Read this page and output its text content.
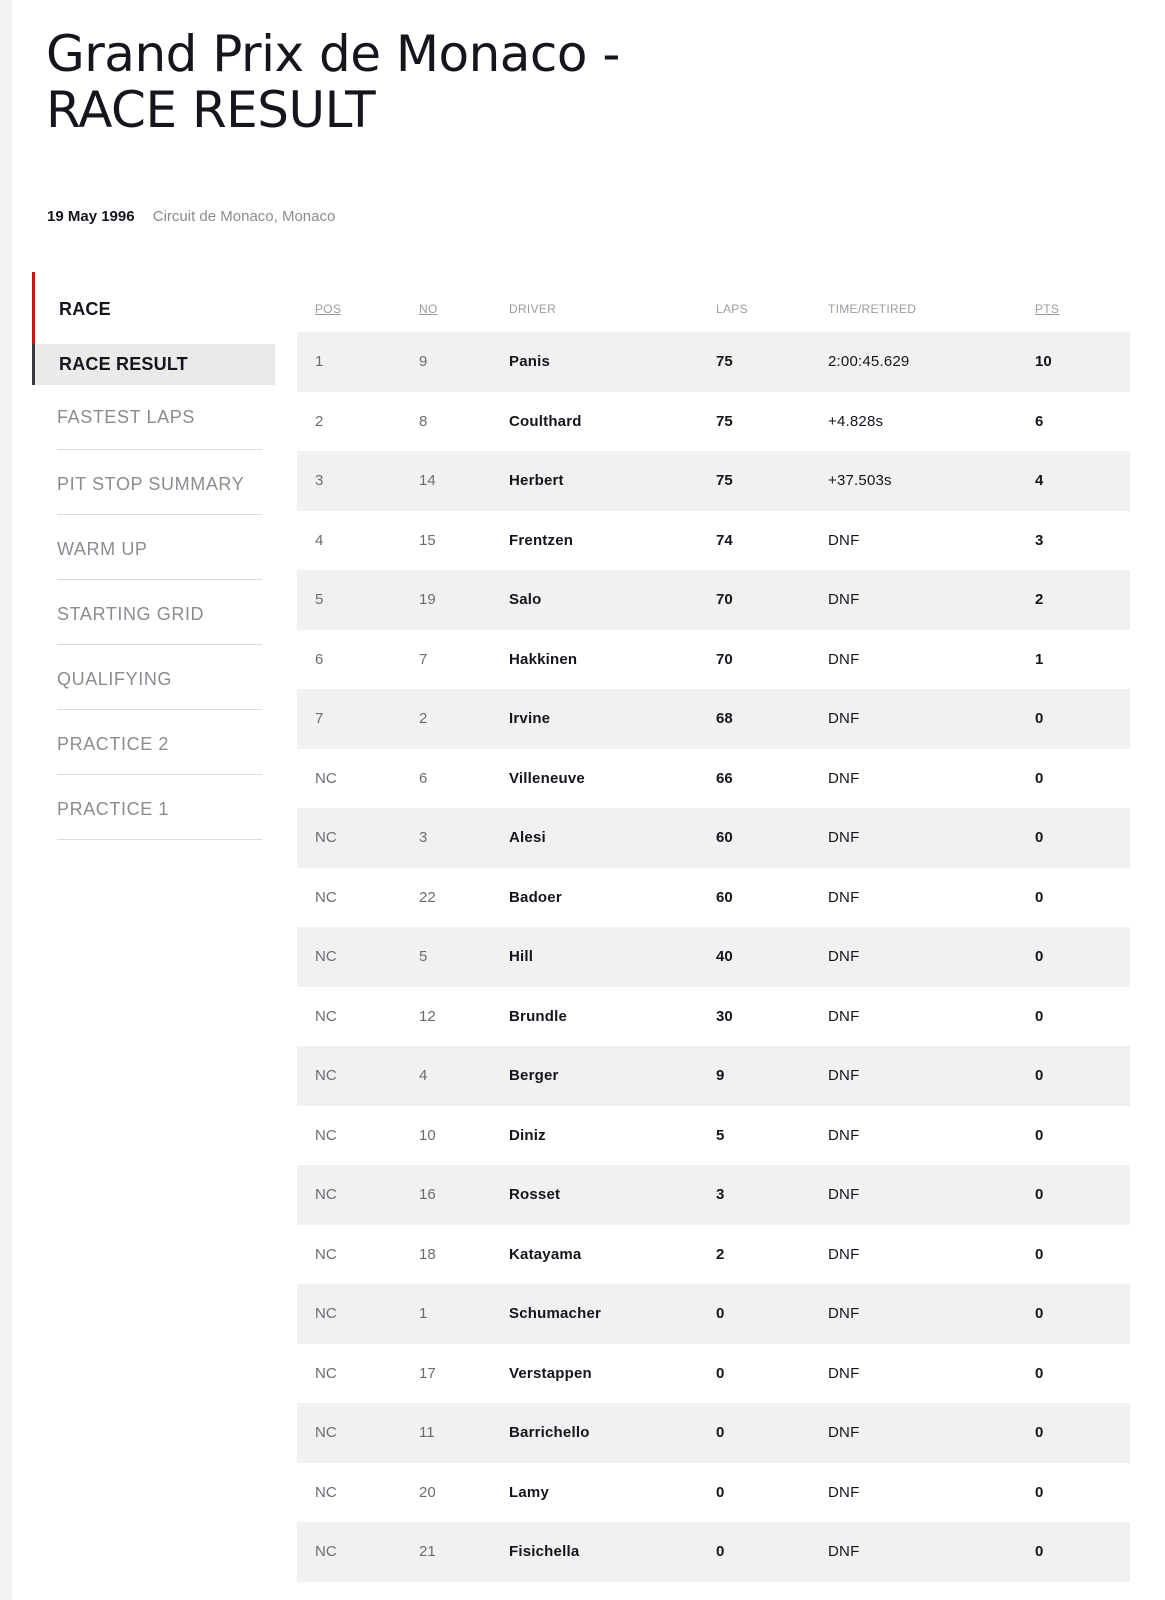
Grand Prix de Monaco -
RACE RESULT
19 May 1996 Circuit de Monaco, Monaco
RACE
RACE RESULT
FASTEST LAPS
PIT STOP SUMMARY
WARM UP
STARTING GRID
QUALIFYING
PRACTICE 2
PRACTICE 1
POS	NO	DRIVER	LAPS	TIME/RETIRED	PTS
1	9	Panis	75	2:00:45.629	10
2	8	Coulthard	75	+4.828s	6
3	14	Herbert	75	+37.503s	4
4	15	Frentzen	74	DNF	3
5	19	Salo	70	DNF	2
6	7	Hakkinen	70	DNF	1
7	2	Irvine	68	DNF	0
NC	6	Villeneuve	66	DNF	0
NC	3	Alesi	60	DNF	0
NC	22	Badoer	60	DNF	0
NC	5	Hill	40	DNF	0
NC	12	Brundle	30	DNF	0
NC	4	Berger	9	DNF	0
NC	10	Diniz	5	DNF	0
NC	16	Rosset	3	DNF	0
NC	18	Katayama	2	DNF	0
NC	1	Schumacher	0	DNF	0
NC	17	Verstappen	0	DNF	0
NC	11	Barrichello	0	DNF	0
NC	20	Lamy	0	DNF	0
NC	21	Fisichella	0	DNF	0
